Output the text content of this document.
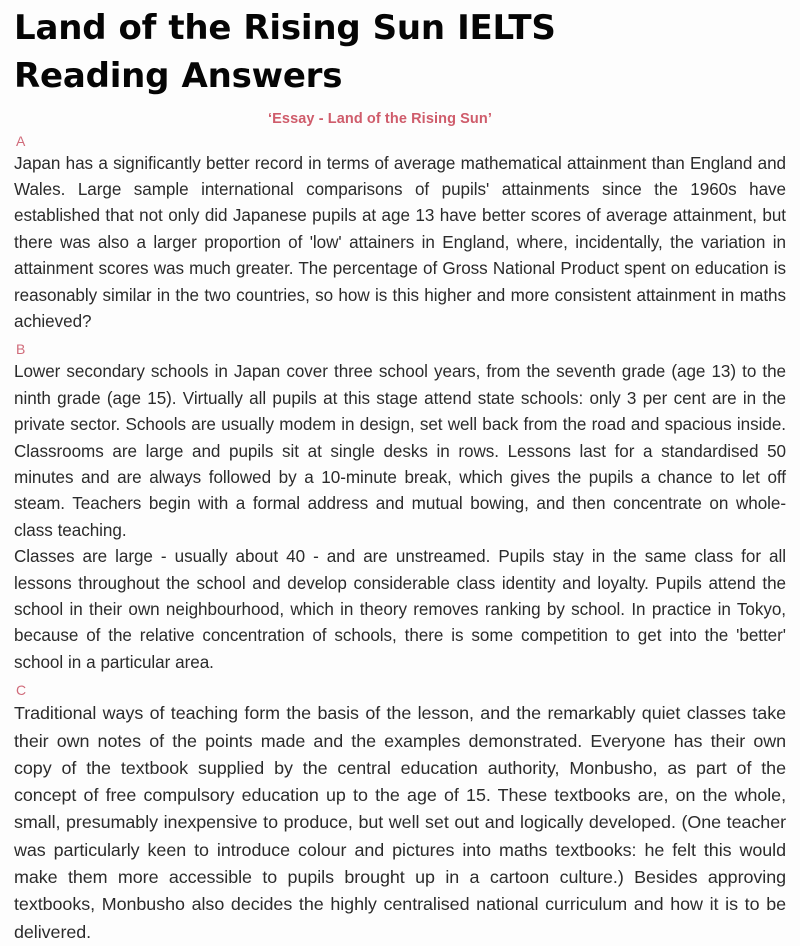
Land of the Rising Sun IELTS Reading Answers
‘Essay - Land of the Rising Sun’
A

Japan has a significantly better record in terms of average mathematical attainment than England and Wales. Large sample international comparisons of pupils' attainments since the 1960s have established that not only did Japanese pupils at age 13 have better scores of average attainment, but there was also a larger proportion of 'low' attainers in England, where, incidentally, the variation in attainment scores was much greater. The percentage of Gross National Product spent on education is reasonably similar in the two countries, so how is this higher and more consistent attainment in maths achieved?

B

Lower secondary schools in Japan cover three school years, from the seventh grade (age 13) to the ninth grade (age 15). Virtually all pupils at this stage attend state schools: only 3 per cent are in the private sector. Schools are usually modem in design, set well back from the road and spacious inside. Classrooms are large and pupils sit at single desks in rows. Lessons last for a standardised 50 minutes and are always followed by a 10-minute break, which gives the pupils a chance to let off steam. Teachers begin with a formal address and mutual bowing, and then concentrate on whole-class teaching.

Classes are large - usually about 40 - and are unstreamed. Pupils stay in the same class for all lessons throughout the school and develop considerable class identity and loyalty. Pupils attend the school in their own neighbourhood, which in theory removes ranking by school. In practice in Tokyo, because of the relative concentration of schools, there is some competition to get into the 'better' school in a particular area.

C

Traditional ways of teaching form the basis of the lesson, and the remarkably quiet classes take their own notes of the points made and the examples demonstrated. Everyone has their own copy of the textbook supplied by the central education authority, Monbusho, as part of the concept of free compulsory education up to the age of 15. These textbooks are, on the whole, small, presumably inexpensive to produce, but well set out and logically developed. (One teacher was particularly keen to introduce colour and pictures into maths textbooks: he felt this would make them more accessible to pupils brought up in a cartoon culture.) Besides approving textbooks, Monbusho also decides the highly centralised national curriculum and how it is to be delivered.
